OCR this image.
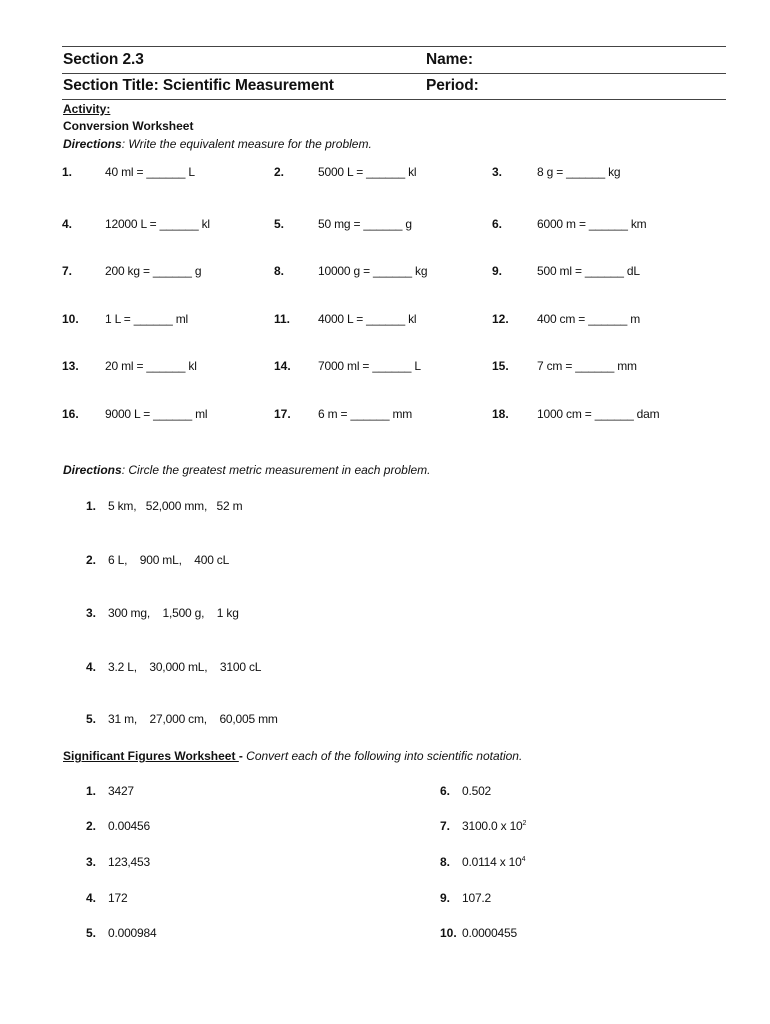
Section 2.3	Name:
Section Title: Scientific Measurement	Period:
Activity:
Conversion Worksheet
Directions: Write the equivalent measure for the problem.
1.	40 ml = ______ L	2.	5000 L = ______ kl	3.	8 g = ______ kg
4.	12000 L = ______ kl	5.	50 mg = ______ g	6.	6000 m = ______ km
7.	200 kg = ______ g	8.	10000 g = ______ kg	9.	500 ml = ______ dL
10. 1 L = ______ ml	11. 4000 L = ______ kl	12. 400 cm = ______ m
13. 20 ml = ______ kl	14. 7000 ml = ______ L	15. 7 cm = ______ mm
16. 9000 L = ______ ml	17. 6 m = ______ mm	18. 1000 cm = ______ dam
Directions: Circle the greatest metric measurement in each problem.
1. 5 km,   52,000 mm,   52 m
2. 6 L,    900 mL,    400 cL
3. 300 mg,    1,500 g,    1 kg
4. 3.2 L,    30,000 mL,    3100 cL
5. 31 m,    27,000 cm,    60,005 mm
Significant Figures Worksheet - Convert each of the following into scientific notation.
1. 3427
2. 0.00456
3. 123,453
4. 172
5. 0.000984
6. 0.502
7. 3100.0 x $10^2$
8. 0.0114 x $10^4$
9. 107.2
10. 0.0000455
